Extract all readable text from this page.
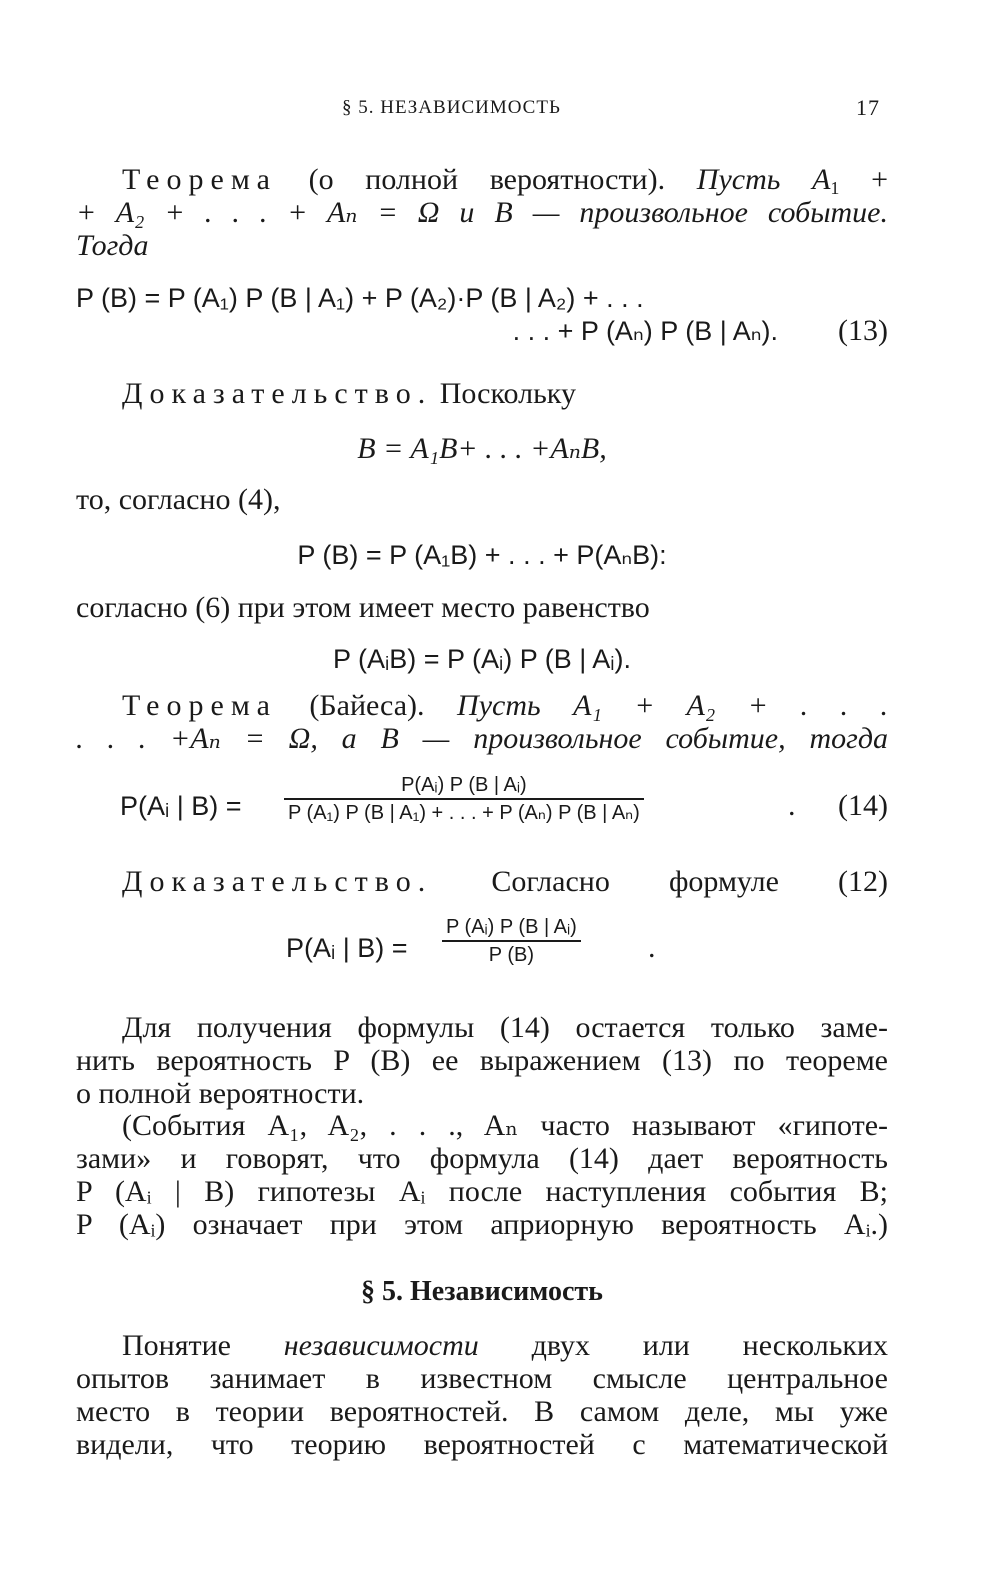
§ 5. НЕЗАВИСИМОСТЬ	17
Теорема (о полной вероятности). Пусть $A_1$ +
+ A₂ + . . . + Aₙ = Ω и B — произвольное событие.
Тогда
P (B) = P (A₁) P (B | A₁) + P (A₂)·P (B | A₂) + . . .
. . . + P (Aₙ) P (B | Aₙ). (13)
Доказательство. Поскольку
B = A₁B+ . . . +AₙB,
то, согласно (4),
P (B) = P (A₁B) + . . . + P(AₙB):
согласно (6) при этом имеет место равенство
P (AᵢB) = P (Aᵢ) P (B | Aᵢ).
Теорема (Байеса). Пусть A₁ + A₂ + . . .
. . . +Aₙ = Ω, а B — произвольное событие, тогда
P(Aᵢ | $B) = \frac{\text{P(Aᵢ) P (B | Aᵢ)}}{\text{P (A₁) P (B | A₁) + . . . + P (Aₙ) P (B | Aₙ)}}$	. (14)
Доказательство. Согласно формуле (12)
P(Aᵢ | $B) = \frac{\text{P (Aᵢ) P (B | Aᵢ)}}{P (B)}$ .
Для получения формулы (14) остается только заме-
нить вероятность P (B) ее выражением (13) по теореме
о полной вероятности.
(События A₁, A₂, . . ., Aₙ часто называют «гипоте-
зами» и говорят, что формула (14) дает вероятность
P (Aᵢ | B) гипотезы Aᵢ после наступления события B;
P (Aᵢ) означает при этом априорную вероятность Aᵢ.)
§ 5. Независимость
Понятие независимости двух или нескольких
опытов занимает в известном смысле центральное
место в теории вероятностей. В самом деле, мы уже
видели, что теорию вероятностей с математической
